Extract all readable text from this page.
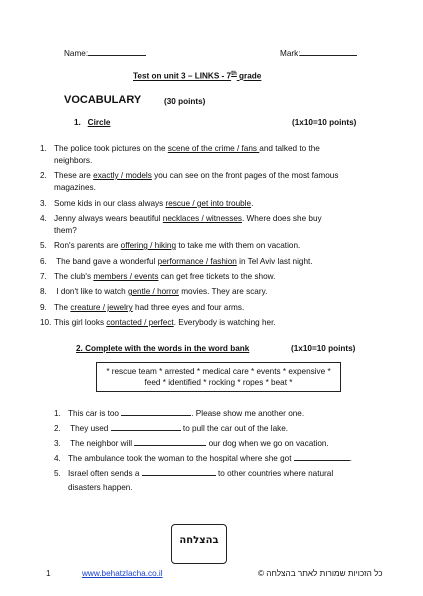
Name:	Mark:
Test on unit 3 – LINKS - 7th grade
VOCABULARY	(30 points)
1. Circle	(1x10=10 points)
1. The police took pictures on the scene of the crime / fans and talked to the
neighbors.
2. These are exactly / models you can see on the front pages of the most famous
magazines.
3. Some kids in our class always rescue / get into trouble.
4. Jenny always wears beautiful necklaces / witnesses. Where does she buy
them?
5. Ron's parents are offering / hiking to take me with them on vacation.
6. The band gave a wonderful performance / fashion in Tel Aviv last night.
7. The club's members / events can get free tickets to the show.
8. I don't like to watch gentle / horror movies. They are scary.
9. The creature / jewelry had three eyes and four arms.
10. This girl looks contacted / perfect. Everybody is watching her.
2. Complete with the words in the word bank	(1x10=10 points)
* rescue team * arrested * medical care * events * expensive *
feed * identified * rocking * ropes * beat *
1. This car is too	. Please show me another one.
2. They used	to pull the car out of the lake.
3. The neighbor will	our dog when we go on vacation.
4. The ambulance took the woman to the hospital where she got	.
5. Israel often sends a	to other countries where natural
disasters happen.
בהצלחה
1	www.behatzlacha.co.il	כל הזכויות שמורות לאתר בהצלחה ©
